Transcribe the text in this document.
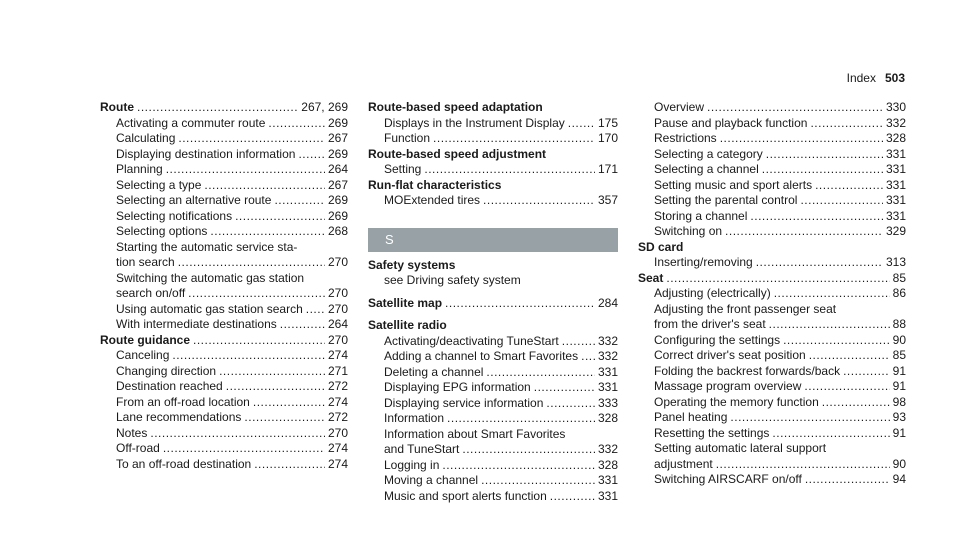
Index 503
Route .....	267, 269
Activating a commuter route .....	269
Calculating .....	267
Displaying destination information .....	269
Planning .....	264
Selecting a type .....	267
Selecting an alternative route .....	269
Selecting notifications .....	269
Selecting options .....	268
Starting the automatic service sta-
tion search .....	270
Switching the automatic gas station
search on/off .....	270
Using automatic gas station search ..... 270
With intermediate destinations .....	264
Route guidance .....	270
Canceling .....	274
Changing direction .....	271
Destination reached .....	272
From an off-road location .....	274
Lane recommendations .....	272
Notes .....	270
Off-road .....	274
To an off-road destination .....	274
Route-based speed adaptation
Displays in the Instrument Display .....	175
Function .....	170
Route-based speed adjustment
Setting .....	171
Run-flat characteristics
MOExtended tires .....	357
S
Safety systems
see Driving safety system
Satellite map .....	284
Satellite radio
Activating/deactivating TuneStart .....	332
Adding a channel to Smart Favorites ..... 332
Deleting a channel .....	331
Displaying EPG information .....	331
Displaying service information .....	333
Information .....	328
Information about Smart Favorites
and TuneStart .....	332
Logging in .....	328
Moving a channel .....	331
Music and sport alerts function .....	331
Overview .....	330
Pause and playback function .....	332
Restrictions .....	328
Selecting a category .....	331
Selecting a channel .....	331
Setting music and sport alerts .....	331
Setting the parental control .....	331
Storing a channel .....	331
Switching on .....	329
SD card
Inserting/removing .....	313
Seat .....	85
Adjusting (electrically) .....	86
Adjusting the front passenger seat
from the driver's seat .....	88
Configuring the settings .....	90
Correct driver's seat position .....	85
Folding the backrest forwards/back .....	91
Massage program overview .....	91
Operating the memory function .....	98
Panel heating .....	93
Resetting the settings .....	91
Setting automatic lateral support
adjustment .....	90
Switching AIRSCARF on/off .....	94
